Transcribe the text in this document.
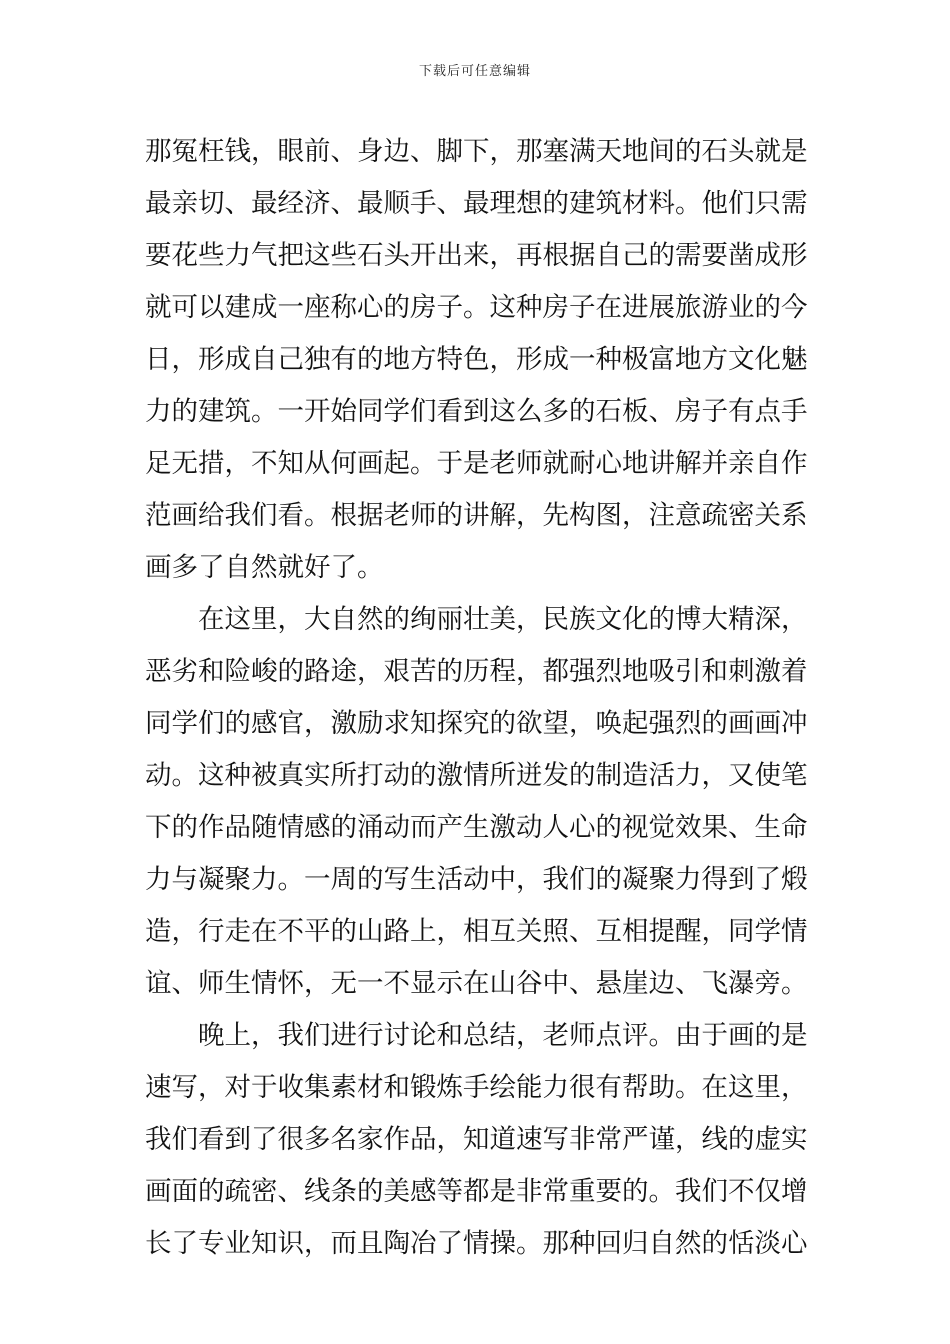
下载后可任意编辑
那冤枉钱，眼前、身边、脚下，那塞满天地间的石头就是
最亲切、最经济、最顺手、最理想的建筑材料。他们只需
要花些力气把这些石头开出来，再根据自己的需要凿成形
就可以建成一座称心的房子。这种房子在进展旅游业的今
日，形成自己独有的地方特色，形成一种极富地方文化魅
力的建筑。一开始同学们看到这么多的石板、房子有点手
足无措，不知从何画起。于是老师就耐心地讲解并亲自作
范画给我们看。根据老师的讲解，先构图，注意疏密关系
画多了自然就好了。
　　在这里，大自然的绚丽壮美，民族文化的博大精深，
恶劣和险峻的路途，艰苦的历程，都强烈地吸引和刺激着
同学们的感官，激励求知探究的欲望，唤起强烈的画画冲
动。这种被真实所打动的激情所迸发的制造活力，又使笔
下的作品随情感的涌动而产生激动人心的视觉效果、生命
力与凝聚力。一周的写生活动中，我们的凝聚力得到了煅
造，行走在不平的山路上，相互关照、互相提醒，同学情
谊、师生情怀，无一不显示在山谷中、悬崖边、飞瀑旁。
　　晚上，我们进行讨论和总结，老师点评。由于画的是
速写，对于收集素材和锻炼手绘能力很有帮助。在这里，
我们看到了很多名家作品，知道速写非常严谨，线的虚实
画面的疏密、线条的美感等都是非常重要的。我们不仅增
长了专业知识，而且陶冶了情操。那种回归自然的恬淡心
